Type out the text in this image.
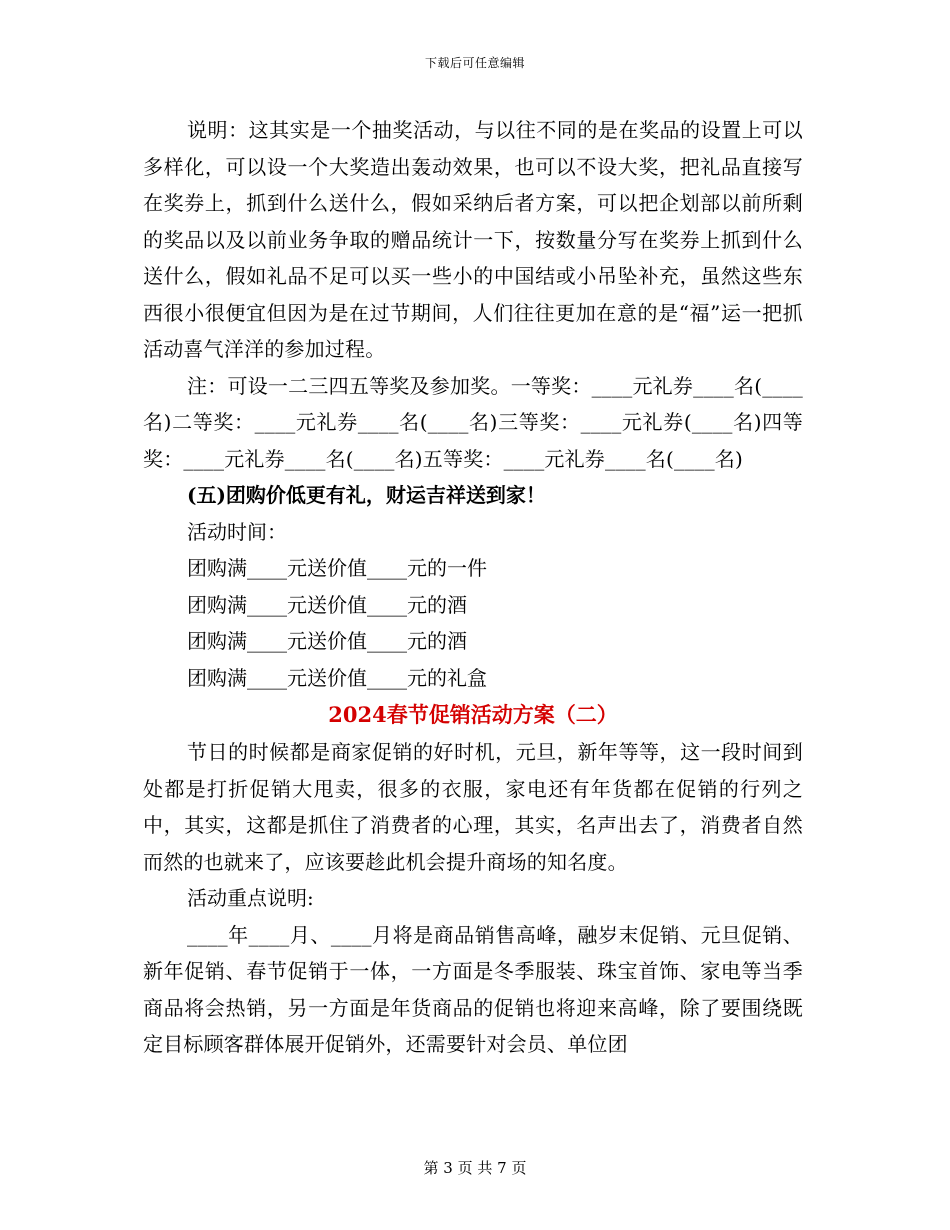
下载后可任意编辑

说明：这其实是一个抽奖活动，与以往不同的是在奖品的设置上可以多样化，可以设一个大奖造出轰动效果，也可以不设大奖，把礼品直接写在奖券上，抓到什么送什么，假如采纳后者方案，可以把企划部以前所剩的奖品以及以前业务争取的赠品统计一下，按数量分写在奖券上抓到什么送什么，假如礼品不足可以买一些小的中国结或小吊坠补充，虽然这些东西很小很便宜但因为是在过节期间，人们往往更加在意的是“福”运一把抓活动喜气洋洋的参加过程。

注：可设一二三四五等奖及参加奖。一等奖：____元礼券____名(____名)二等奖：____元礼券____名(____名)三等奖：____元礼券(____名)四等奖：____元礼券____名(____名)五等奖：____元礼券____名(____名)

(五)团购价低更有礼，财运吉祥送到家！

活动时间：

团购满____元送价值____元的一件

团购满____元送价值____元的酒

团购满____元送价值____元的酒

团购满____元送价值____元的礼盒

2024春节促销活动方案（二）

节日的时候都是商家促销的好时机，元旦，新年等等，这一段时间到处都是打折促销大甩卖，很多的衣服，家电还有年货都在促销的行列之中，其实，这都是抓住了消费者的心理，其实，名声出去了，消费者自然而然的也就来了，应该要趁此机会提升商场的知名度。

活动重点说明:

____年____月、____月将是商品销售高峰，融岁末促销、元旦促销、新年促销、春节促销于一体，一方面是冬季服装、珠宝首饰、家电等当季商品将会热销，另一方面是年货商品的促销也将迎来高峰，除了要围绕既定目标顾客群体展开促销外，还需要针对会员、单位团

第 3 页 共 7 页
